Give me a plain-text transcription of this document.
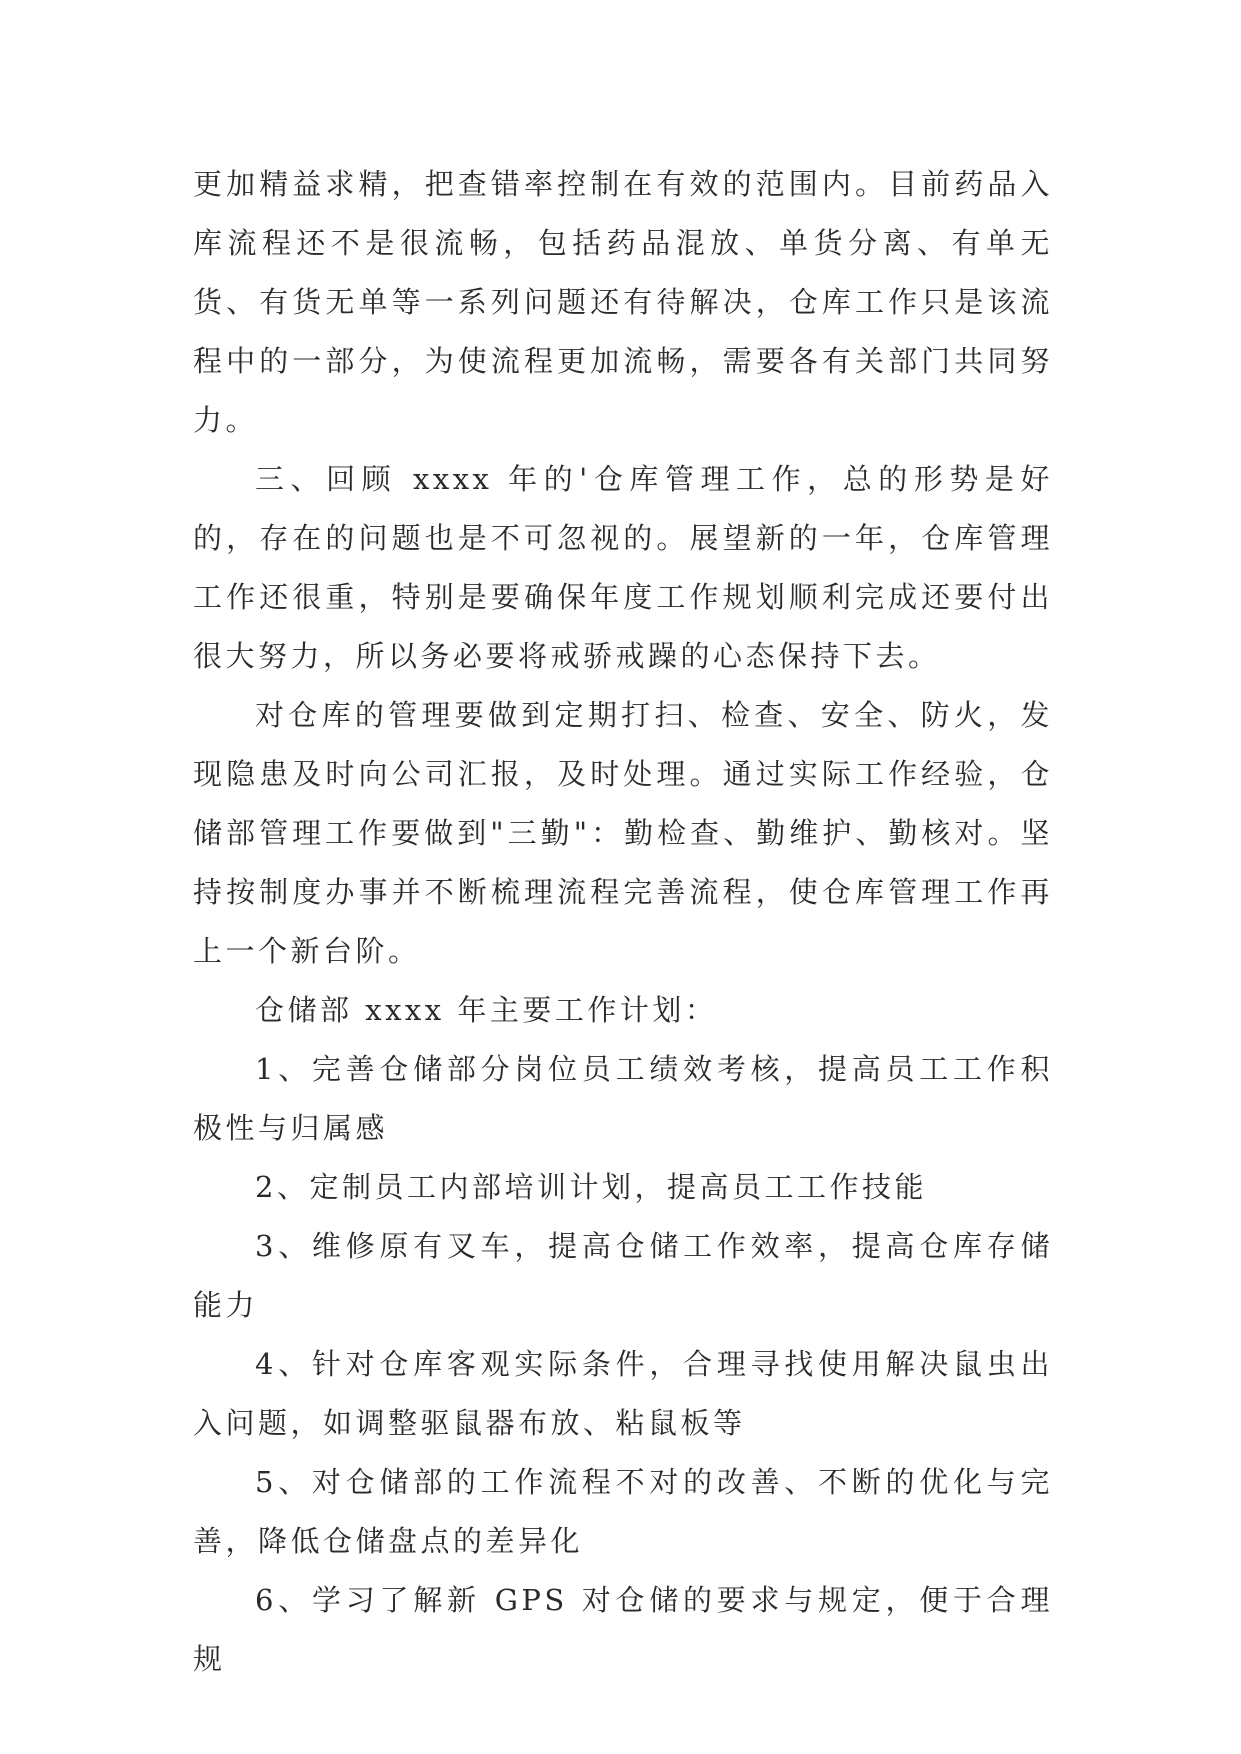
更加精益求精，把查错率控制在有效的范围内。目前药品入库流程还不是很流畅，包括药品混放、单货分离、有单无货、有货无单等一系列问题还有待解决，仓库工作只是该流程中的一部分，为使流程更加流畅，需要各有关部门共同努力。

三、回顾 xxxx 年的'仓库管理工作，总的形势是好的，存在的问题也是不可忽视的。展望新的一年，仓库管理工作还很重，特别是要确保年度工作规划顺利完成还要付出很大努力，所以务必要将戒骄戒躁的心态保持下去。

对仓库的管理要做到定期打扫、检查、安全、防火，发现隐患及时向公司汇报，及时处理。通过实际工作经验，仓储部管理工作要做到"三勤"：勤检查、勤维护、勤核对。坚持按制度办事并不断梳理流程完善流程，使仓库管理工作再上一个新台阶。

仓储部 xxxx 年主要工作计划：

1、完善仓储部分岗位员工绩效考核，提高员工工作积极性与归属感

2、定制员工内部培训计划，提高员工工作技能

3、维修原有叉车，提高仓储工作效率，提高仓库存储能力

4、针对仓库客观实际条件，合理寻找使用解决鼠虫出入问题，如调整驱鼠器布放、粘鼠板等

5、对仓储部的工作流程不对的改善、不断的优化与完善，降低仓储盘点的差异化

6、学习了解新 GPS 对仓储的要求与规定，便于合理规
